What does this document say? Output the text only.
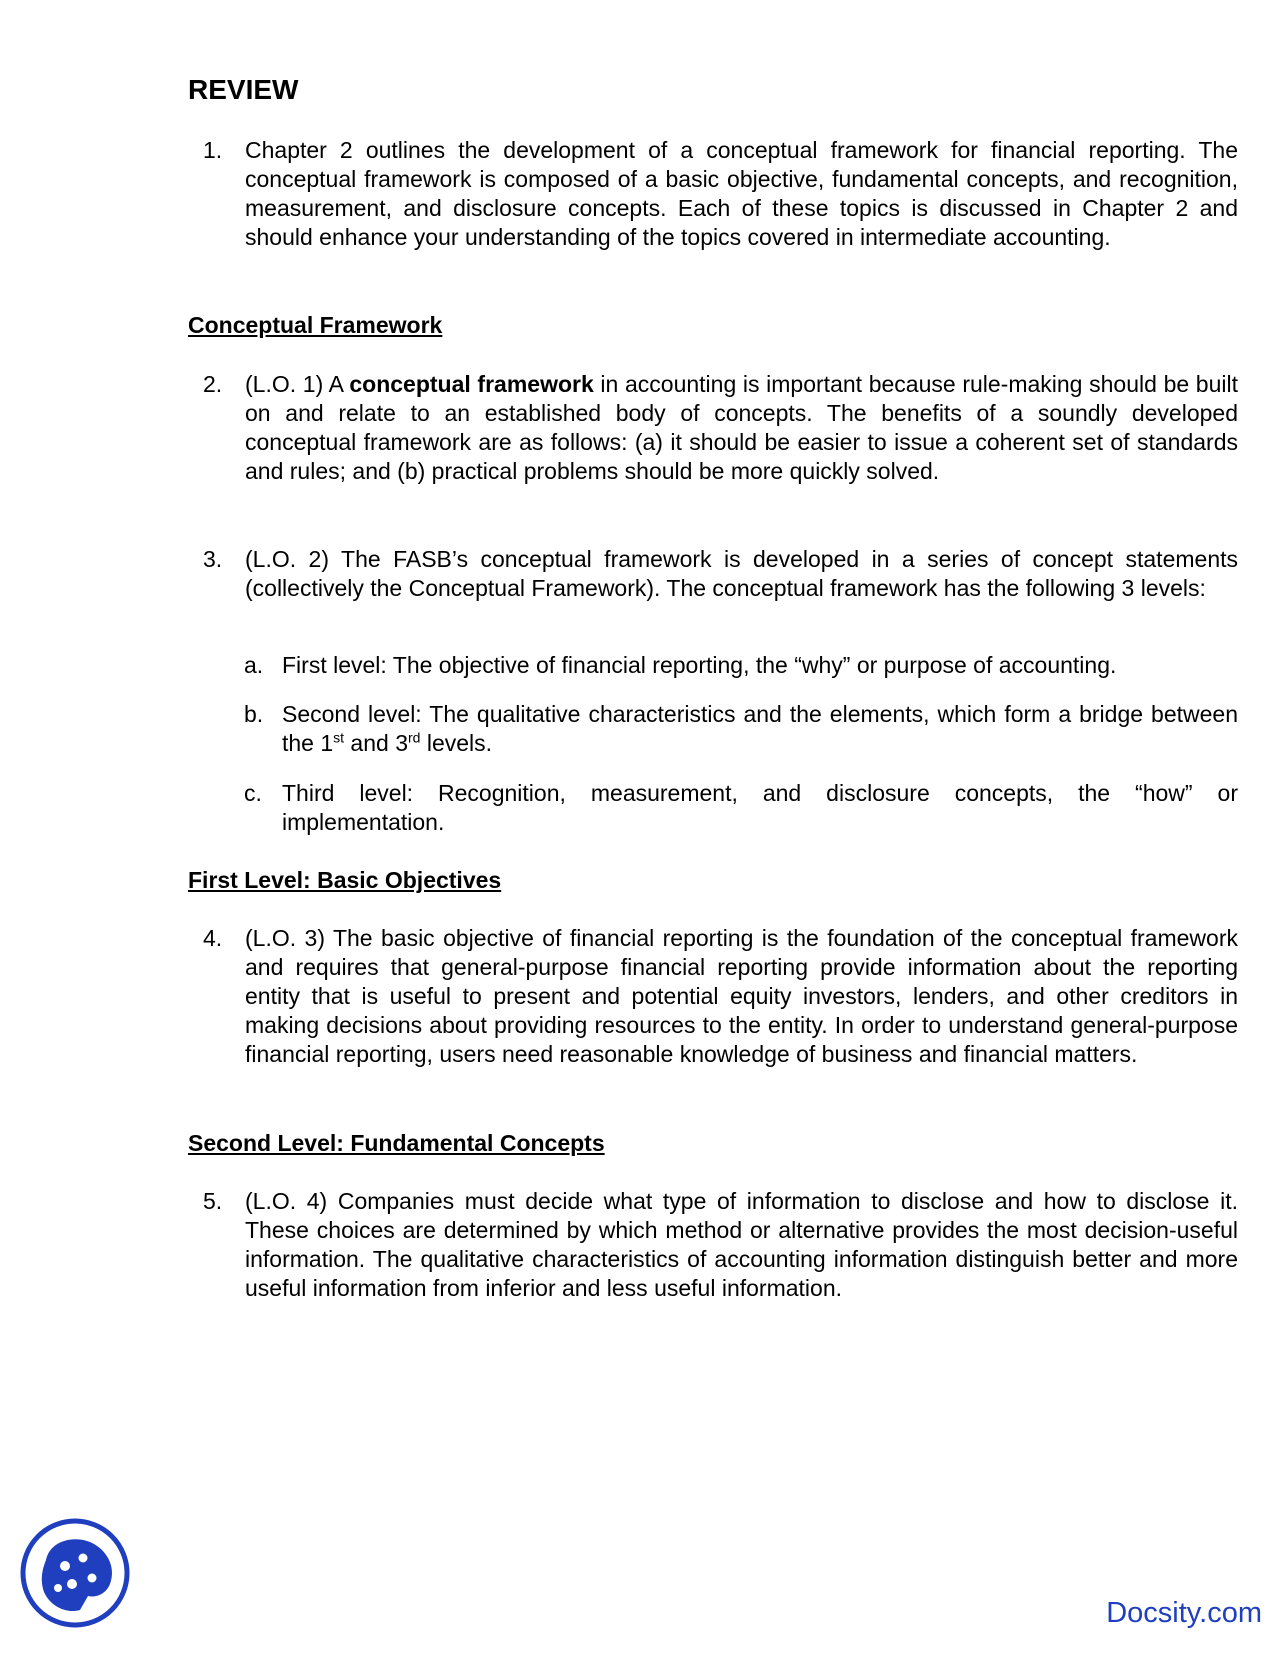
REVIEW
1. Chapter 2 outlines the development of a conceptual framework for financial reporting. The conceptual framework is composed of a basic objective, fundamental concepts, and recognition, measurement, and disclosure concepts. Each of these topics is discussed in Chapter 2 and should enhance your understanding of the topics covered in intermediate accounting.
Conceptual Framework
2. (L.O. 1) A conceptual framework in accounting is important because rule-making should be built on and relate to an established body of concepts. The benefits of a soundly developed conceptual framework are as follows: (a) it should be easier to issue a coherent set of standards and rules; and (b) practical problems should be more quickly solved.
3. (L.O. 2) The FASB’s conceptual framework is developed in a series of concept statements (collectively the Conceptual Framework). The conceptual framework has the following 3 levels:
a. First level: The objective of financial reporting, the “why” or purpose of accounting.
b. Second level: The qualitative characteristics and the elements, which form a bridge between the 1st and 3rd levels.
c. Third level: Recognition, measurement, and disclosure concepts, the “how” or implementation.
First Level: Basic Objectives
4. (L.O. 3) The basic objective of financial reporting is the foundation of the conceptual framework and requires that general-purpose financial reporting provide information about the reporting entity that is useful to present and potential equity investors, lenders, and other creditors in making decisions about providing resources to the entity. In order to understand general-purpose financial reporting, users need reasonable knowledge of business and financial matters.
Second Level: Fundamental Concepts
5. (L.O. 4) Companies must decide what type of information to disclose and how to disclose it. These choices are determined by which method or alternative provides the most decision-useful information. The qualitative characteristics of accounting information distinguish better and more useful information from inferior and less useful information.
Docsity.com
